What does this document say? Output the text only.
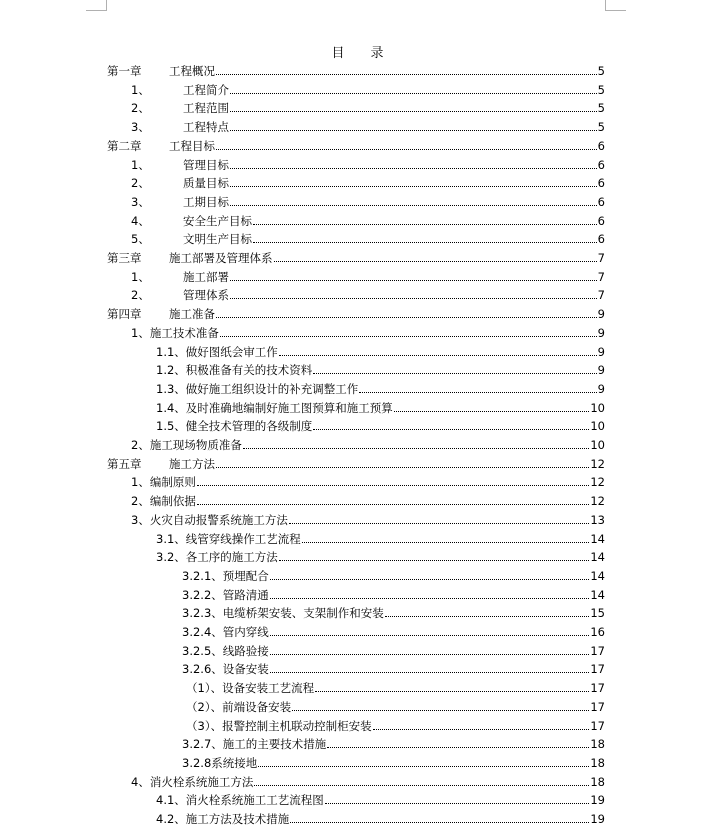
目 录
第一章	工程概况	5
1、	工程简介	5
2、	工程范围	5
3、	工程特点	5
第二章	工程目标	6
1、	管理目标	6
2、	质量目标	6
3、	工期目标	6
4、	安全生产目标	6
5、	文明生产目标	6
第三章	施工部署及管理体系	7
1、	施工部署	7
2、	管理体系	7
第四章	施工准备	9
1、施工技术准备	9
1.1、做好图纸会审工作	9
1.2、积极准备有关的技术资料	9
1.3、做好施工组织设计的补充调整工作	9
1.4、及时准确地编制好施工图预算和施工预算	10
1.5、健全技术管理的各级制度	10
2、施工现场物质准备	10
第五章	施工方法	12
1、编制原则	12
2、编制依据	12
3、火灾自动报警系统施工方法	13
3.1、线管穿线操作工艺流程	14
3.2、各工序的施工方法	14
3.2.1、预埋配合	14
3.2.2、管路清通	14
3.2.3、电缆桥架安装、支架制作和安装	15
3.2.4、管内穿线	16
3.2.5、线路验接	17
3.2.6、设备安装	17
（1）、设备安装工艺流程	17
（2）、前端设备安装	17
（3）、报警控制主机联动控制柜安装	17
3.2.7、施工的主要技术措施	18
3.2.8系统接地	18
4、消火栓系统施工方法	18
4.1、消火栓系统施工工艺流程图	19
4.2、施工方法及技术措施	19
